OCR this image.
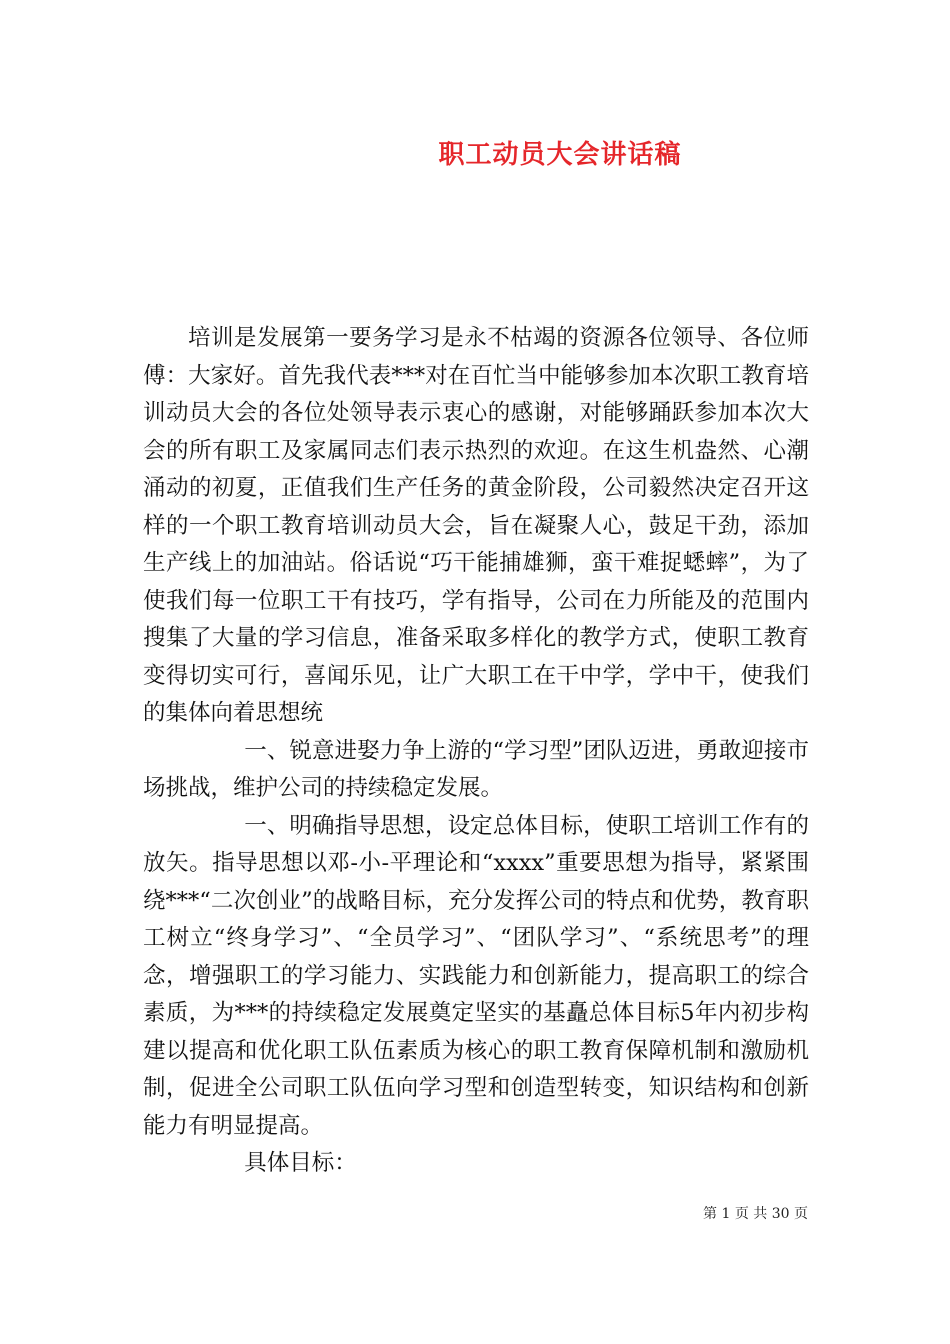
职工动员大会讲话稿

培训是发展第一要务学习是永不枯竭的资源各位领导、各位师傅：大家好。首先我代表***对在百忙当中能够参加本次职工教育培训动员大会的各位处领导表示衷心的感谢，对能够踊跃参加本次大会的所有职工及家属同志们表示热烈的欢迎。在这生机盎然、心潮涌动的初夏，正值我们生产任务的黄金阶段，公司毅然决定召开这样的一个职工教育培训动员大会，旨在凝聚人心，鼓足干劲，添加生产线上的加油站。俗话说“巧干能捕雄狮，蛮干难捉蟋蟀”，为了使我们每一位职工干有技巧，学有指导，公司在力所能及的范围内搜集了大量的学习信息，准备采取多样化的教学方式，使职工教育变得切实可行，喜闻乐见，让广大职工在干中学，学中干，使我们的集体向着思想统

一、锐意进娶力争上游的“学习型”团队迈进，勇敢迎接市场挑战，维护公司的持续稳定发展。

一、明确指导思想，设定总体目标，使职工培训工作有的放矢。指导思想以邓-小-平理论和“xxxx”重要思想为指导，紧紧围绕***“二次创业”的战略目标，充分发挥公司的特点和优势，教育职工树立“终身学习”、“全员学习”、“团队学习”、“系统思考”的理念，增强职工的学习能力、实践能力和创新能力，提高职工的综合素质，为***的持续稳定发展奠定坚实的基矗总体目标5年内初步构建以提高和优化职工队伍素质为核心的职工教育保障机制和激励机制，促进全公司职工队伍向学习型和创造型转变，知识结构和创新能力有明显提高。

具体目标：

第 1 页 共 30 页
